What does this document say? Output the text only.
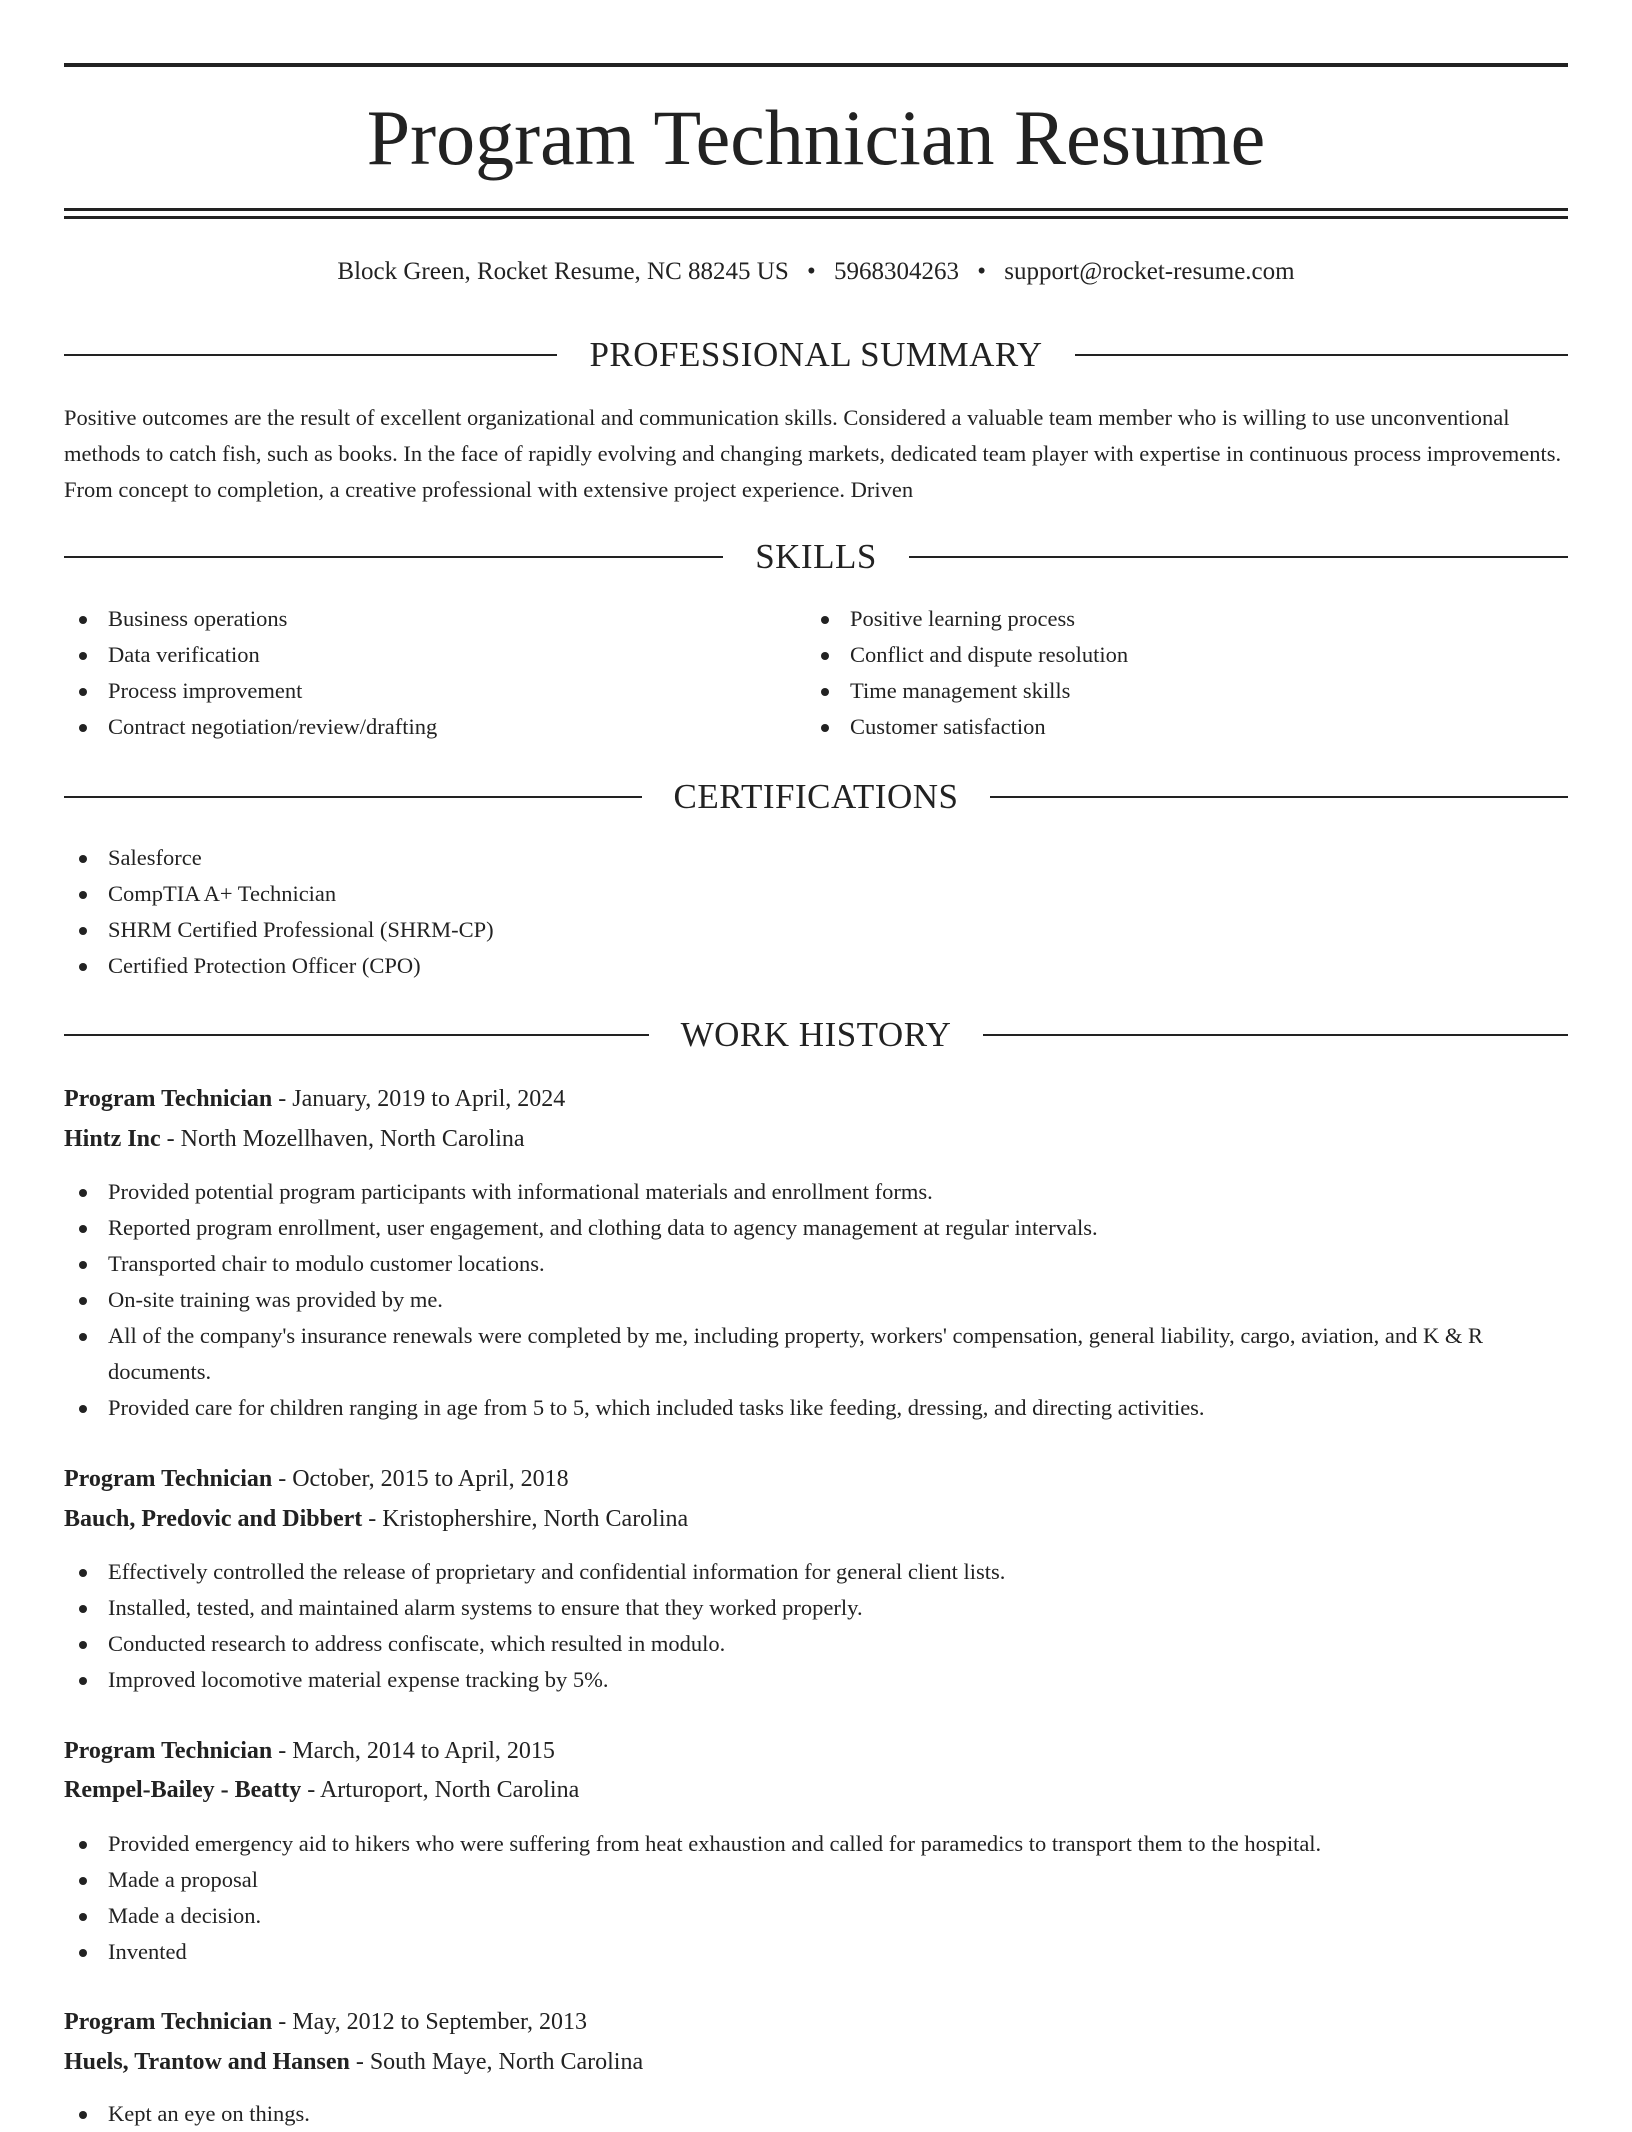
Program Technician Resume
Block Green, Rocket Resume, NC 88245 US • 5968304263 • support@rocket-resume.com
PROFESSIONAL SUMMARY

Positive outcomes are the result of excellent organizational and communication skills. Considered a valuable team member who is willing to use unconventional methods to catch fish, such as books. In the face of rapidly evolving and changing markets, dedicated team player with expertise in continuous process improvements. From concept to completion, a creative professional with extensive project experience. Driven

SKILLS
Business operations
Data verification
Process improvement
Contract negotiation/review/drafting
Positive learning process
Conflict and dispute resolution
Time management skills
Customer satisfaction
CERTIFICATIONS
Salesforce
CompTIA A+ Technician
SHRM Certified Professional (SHRM-CP)
Certified Protection Officer (CPO)
WORK HISTORY
Program Technician - January, 2019 to April, 2024
Hintz Inc - North Mozellhaven, North Carolina
Provided potential program participants with informational materials and enrollment forms.
Reported program enrollment, user engagement, and clothing data to agency management at regular intervals.
Transported chair to modulo customer locations.
On-site training was provided by me.
All of the company's insurance renewals were completed by me, including property, workers' compensation, general liability, cargo, aviation, and K & R documents.
Provided care for children ranging in age from 5 to 5, which included tasks like feeding, dressing, and directing activities.
Program Technician - October, 2015 to April, 2018
Bauch, Predovic and Dibbert - Kristophershire, North Carolina
Effectively controlled the release of proprietary and confidential information for general client lists.
Installed, tested, and maintained alarm systems to ensure that they worked properly.
Conducted research to address confiscate, which resulted in modulo.
Improved locomotive material expense tracking by 5%.
Program Technician - March, 2014 to April, 2015
Rempel-Bailey - Beatty - Arturoport, North Carolina
Provided emergency aid to hikers who were suffering from heat exhaustion and called for paramedics to transport them to the hospital.
Made a proposal
Made a decision.
Invented
Program Technician - May, 2012 to September, 2013
Huels, Trantow and Hansen - South Maye, North Carolina
Kept an eye on things.
